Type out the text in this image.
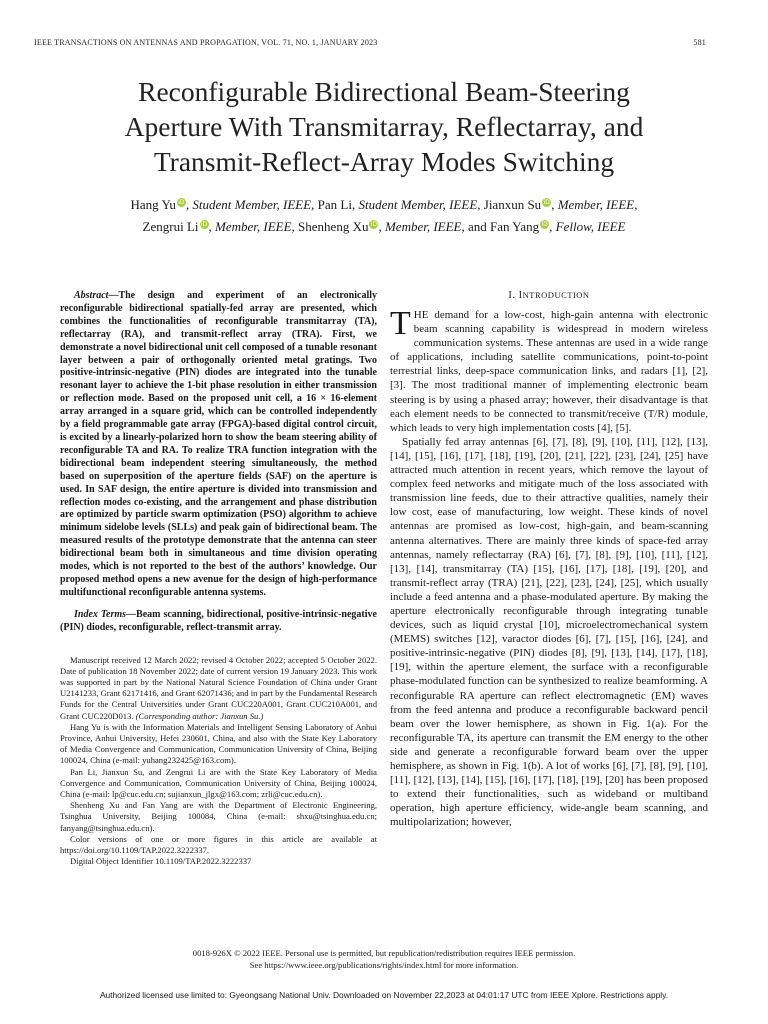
IEEE TRANSACTIONS ON ANTENNAS AND PROPAGATION, VOL. 71, NO. 1, JANUARY 2023	581
Reconfigurable Bidirectional Beam-Steering
Aperture With Transmitarray, Reflectarray, and
Transmit-Reflect-Array Modes Switching
Hang Yu iD, Student Member, IEEE, Pan Li, Student Member, IEEE, Jianxun Su iD, Member, IEEE,
Zengrui Li iD, Member, IEEE, Shenheng Xu iD, Member, IEEE, and Fan Yang iD, Fellow, IEEE
Abstract—The design and experiment of an electronically reconfigurable bidirectional spatially-fed array are presented, which combines the functionalities of reconfigurable transmitarray (TA), reflectarray (RA), and transmit-reflect array (TRA). First, we demonstrate a novel bidirectional unit cell composed of a tunable resonant layer between a pair of orthogonally oriented metal gratings. Two positive-intrinsic-negative (PIN) diodes are integrated into the tunable resonant layer to achieve the 1-bit phase resolution in either transmission or reflection mode. Based on the proposed unit cell, a 16 × 16-element array arranged in a square grid, which can be controlled independently by a field programmable gate array (FPGA)-based digital control circuit, is excited by a linearly-polarized horn to show the beam steering ability of reconfigurable TA and RA. To realize TRA function integration with the bidirectional beam independent steering simultaneously, the method based on superposition of the aperture fields (SAF) on the aperture is used. In SAF design, the entire aperture is divided into transmission and reflection modes co-existing, and the arrangement and phase distribution are optimized by particle swarm optimization (PSO) algorithm to achieve minimum sidelobe levels (SLLs) and peak gain of bidirectional beam. The measured results of the prototype demonstrate that the antenna can steer bidirectional beam both in simultaneous and time division operating modes, which is not reported to the best of the authors’ knowledge. Our proposed method opens a new avenue for the design of high-performance multifunctional reconfigurable antenna systems.
Index Terms—Beam scanning, bidirectional, positive-intrinsic-negative (PIN) diodes, reconfigurable, reflect-transmit array.

Manuscript received 12 March 2022; revised 4 October 2022; accepted 5 October 2022. Date of publication 18 November 2022; date of current version 19 January 2023. This work was supported in part by the National Natural Science Foundation of China under Grant U2141233, Grant 62171416, and Grant 62071436; and in part by the Fundamental Research Funds for the Central Universities under Grant CUC220A001, Grant CUC210A001, and Grant CUC220D013. (Corresponding author: Jianxun Su.)

Hang Yu is with the Information Materials and Intelligent Sensing Laboratory of Anhui Province, Anhui University, Hefei 230601, China, and also with the State Key Laboratory of Media Convergence and Communication, Communication University of China, Beijing 100024, China (e-mail: yuhang232425@163.com).

Pan Li, Jianxun Su, and Zengrui Li are with the State Key Laboratory of Media Convergence and Communication, Communication University of China, Beijing 100024, China (e-mail: lp@cuc.edu.cn; sujianxun_jlgx@163.com; zrli@cuc.edu.cn).

Shenheng Xu and Fan Yang are with the Department of Electronic Engineering, Tsinghua University, Beijing 100084, China (e-mail: shxu@tsinghua.edu.cn; fanyang@tsinghua.edu.cn).

Color versions of one or more figures in this article are available at https://doi.org/10.1109/TAP.2022.3222337.

Digital Object Identifier 10.1109/TAP.2022.3222337

I. INTRODUCTION

THE demand for a low-cost, high-gain antenna with electronic beam scanning capability is widespread in modern wireless communication systems. These antennas are used in a wide range of applications, including satellite communications, point-to-point terrestrial links, deep-space communication links, and radars [1], [2], [3]. The most traditional manner of implementing electronic beam steering is by using a phased array; however, their disadvantage is that each element needs to be connected to transmit/receive (T/R) module, which leads to very high implementation costs [4], [5].

Spatially fed array antennas [6], [7], [8], [9], [10], [11], [12], [13], [14], [15], [16], [17], [18], [19], [20], [21], [22], [23], [24], [25] have attracted much attention in recent years, which remove the layout of complex feed networks and mitigate much of the loss associated with transmission line feeds, due to their attractive qualities, namely their low cost, ease of manufacturing, low weight. These kinds of novel antennas are promised as low-cost, high-gain, and beam-scanning antenna alternatives. There are mainly three kinds of space-fed array antennas, namely reflectarray (RA) [6], [7], [8], [9], [10], [11], [12], [13], [14], transmitarray (TA) [15], [16], [17], [18], [19], [20], and transmit-reflect array (TRA) [21], [22], [23], [24], [25], which usually include a feed antenna and a phase-modulated aperture. By making the aperture electronically reconfigurable through integrating tunable devices, such as liquid crystal [10], microelectromechanical system (MEMS) switches [12], varactor diodes [6], [7], [15], [16], [24], and positive-intrinsic-negative (PIN) diodes [8], [9], [13], [14], [17], [18], [19], within the aperture element, the surface with a reconfigurable phase-modulated function can be synthesized to realize beamforming. A reconfigurable RA aperture can reflect electromagnetic (EM) waves from the feed antenna and produce a reconfigurable backward pencil beam over the lower hemisphere, as shown in Fig. 1(a). For the reconfigurable TA, its aperture can transmit the EM energy to the other side and generate a reconfigurable forward beam over the upper hemisphere, as shown in Fig. 1(b). A lot of works [6], [7], [8], [9], [10], [11], [12], [13], [14], [15], [16], [17], [18], [19], [20] has been proposed to extend their functionalities, such as wideband or multiband operation, high aperture efficiency, wide-angle beam scanning, and multipolarization; however,

0018-926X © 2022 IEEE. Personal use is permitted, but republication/redistribution requires IEEE permission.
See https://www.ieee.org/publications/rights/index.html for more information.
Authorized licensed use limited to: Gyeongsang National Univ. Downloaded on November 22,2023 at 04:01:17 UTC from IEEE Xplore. Restrictions apply.
